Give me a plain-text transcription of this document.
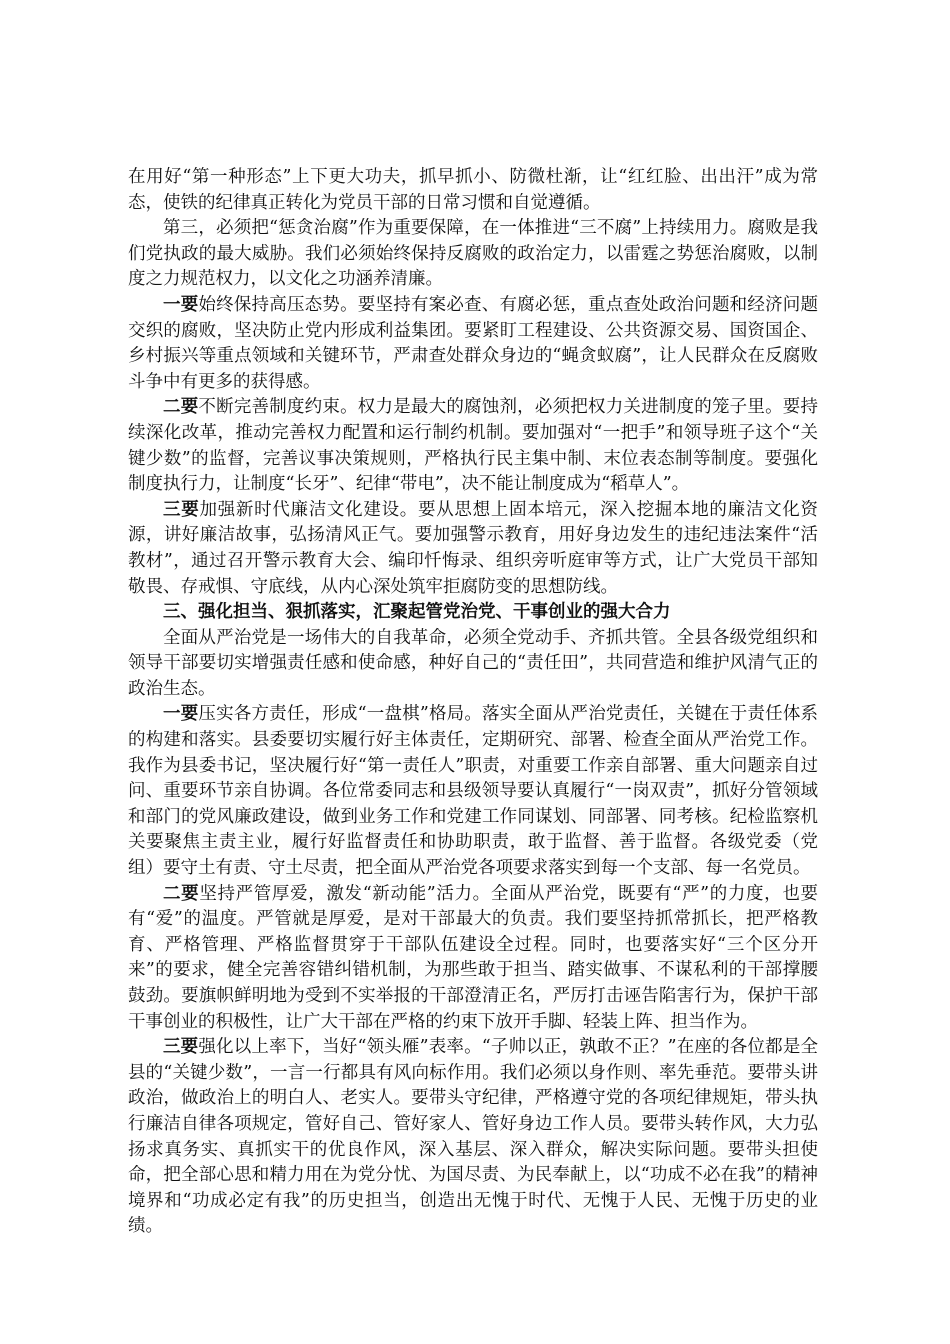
在用好“第一种形态”上下更大功夫，抓早抓小、防微杜渐，让“红红脸、出出汗”成为常态，使铁的纪律真正转化为党员干部的日常习惯和自觉遵循。

第三，必须把“惩贪治腐”作为重要保障，在一体推进“三不腐”上持续用力。腐败是我们党执政的最大威胁。我们必须始终保持反腐败的政治定力，以雷霆之势惩治腐败，以制度之力规范权力，以文化之功涵养清廉。

一要始终保持高压态势。要坚持有案必查、有腐必惩，重点查处政治问题和经济问题交织的腐败，坚决防止党内形成利益集团。要紧盯工程建设、公共资源交易、国资国企、乡村振兴等重点领域和关键环节，严肃查处群众身边的“蝇贪蚁腐”，让人民群众在反腐败斗争中有更多的获得感。

二要不断完善制度约束。权力是最大的腐蚀剂，必须把权力关进制度的笼子里。要持续深化改革，推动完善权力配置和运行制约机制。要加强对“一把手”和领导班子这个“关键少数”的监督，完善议事决策规则，严格执行民主集中制、末位表态制等制度。要强化制度执行力，让制度“长牙”、纪律“带电”，决不能让制度成为“稻草人”。

三要加强新时代廉洁文化建设。要从思想上固本培元，深入挖掘本地的廉洁文化资源，讲好廉洁故事，弘扬清风正气。要加强警示教育，用好身边发生的违纪违法案件“活教材”，通过召开警示教育大会、编印忏悔录、组织旁听庭审等方式，让广大党员干部知敬畏、存戒惧、守底线，从内心深处筑牢拒腐防变的思想防线。

三、强化担当、狠抓落实，汇聚起管党治党、干事创业的强大合力

全面从严治党是一场伟大的自我革命，必须全党动手、齐抓共管。全县各级党组织和领导干部要切实增强责任感和使命感，种好自己的“责任田”，共同营造和维护风清气正的政治生态。

一要压实各方责任，形成“一盘棋”格局。落实全面从严治党责任，关键在于责任体系的构建和落实。县委要切实履行好主体责任，定期研究、部署、检查全面从严治党工作。我作为县委书记，坚决履行好“第一责任人”职责，对重要工作亲自部署、重大问题亲自过问、重要环节亲自协调。各位常委同志和县级领导要认真履行“一岗双责”，抓好分管领域和部门的党风廉政建设，做到业务工作和党建工作同谋划、同部署、同考核。纪检监察机关要聚焦主责主业，履行好监督责任和协助职责，敢于监督、善于监督。各级党委（党组）要守土有责、守土尽责，把全面从严治党各项要求落实到每一个支部、每一名党员。

二要坚持严管厚爱，激发“新动能”活力。全面从严治党，既要有“严”的力度，也要有“爱”的温度。严管就是厚爱，是对干部最大的负责。我们要坚持抓常抓长，把严格教育、严格管理、严格监督贯穿于干部队伍建设全过程。同时，也要落实好“三个区分开来”的要求，健全完善容错纠错机制，为那些敢于担当、踏实做事、不谋私利的干部撑腰鼓劲。要旗帜鲜明地为受到不实举报的干部澄清正名，严厉打击诬告陷害行为，保护干部干事创业的积极性，让广大干部在严格的约束下放开手脚、轻装上阵、担当作为。

三要强化以上率下，当好“领头雁”表率。“子帅以正，孰敢不正？”在座的各位都是全县的“关键少数”，一言一行都具有风向标作用。我们必须以身作则、率先垂范。要带头讲政治，做政治上的明白人、老实人。要带头守纪律，严格遵守党的各项纪律规矩，带头执行廉洁自律各项规定，管好自己、管好家人、管好身边工作人员。要带头转作风，大力弘扬求真务实、真抓实干的优良作风，深入基层、深入群众，解决实际问题。要带头担使命，把全部心思和精力用在为党分忧、为国尽责、为民奉献上，以“功成不必在我”的精神境界和“功成必定有我”的历史担当，创造出无愧于时代、无愧于人民、无愧于历史的业绩。
